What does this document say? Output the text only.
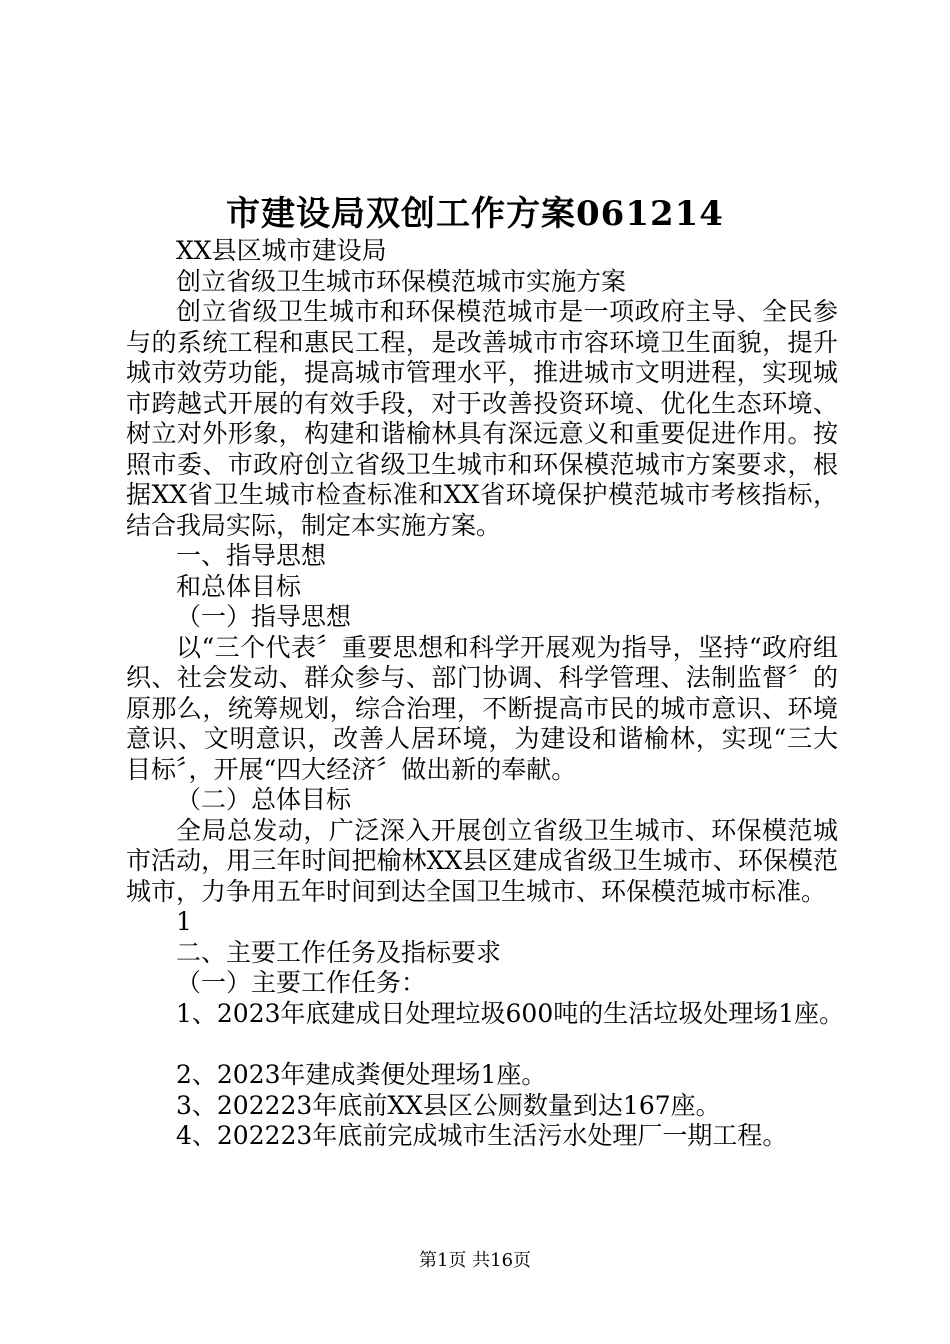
市建设局双创工作方案061214

XX县区城市建设局

创立省级卫生城市环保模范城市实施方案

创立省级卫生城市和环保模范城市是一项政府主导、全民参与的系统工程和惠民工程，是改善城市市容环境卫生面貌，提升城市效劳功能，提高城市管理水平，推进城市文明进程，实现城市跨越式开展的有效手段，对于改善投资环境、优化生态环境、树立对外形象，构建和谐榆林具有深远意义和重要促进作用。按照市委、市政府创立省级卫生城市和环保模范城市方案要求，根据XX省卫生城市检查标准和XX省环境保护模范城市考核指标，结合我局实际，制定本实施方案。

一、指导思想

和总体目标

（一）指导思想

以“三个代表〞重要思想和科学开展观为指导，坚持“政府组织、社会发动、群众参与、部门协调、科学管理、法制监督〞的原那么，统筹规划，综合治理，不断提高市民的城市意识、环境意识、文明意识，改善人居环境，为建设和谐榆林，实现“三大目标〞，开展“四大经济〞做出新的奉献。

（二）总体目标

全局总发动，广泛深入开展创立省级卫生城市、环保模范城市活动，用三年时间把榆林XX县区建成省级卫生城市、环保模范城市，力争用五年时间到达全国卫生城市、环保模范城市标准。

1

二、主要工作任务及指标要求

（一）主要工作任务：

1、2023年底建成日处理垃圾600吨的生活垃圾处理场1座。

2、2023年建成粪便处理场1座。

3、202223年底前XX县区公厕数量到达167座。

4、202223年底前完成城市生活污水处理厂一期工程。

第1页 共16页
